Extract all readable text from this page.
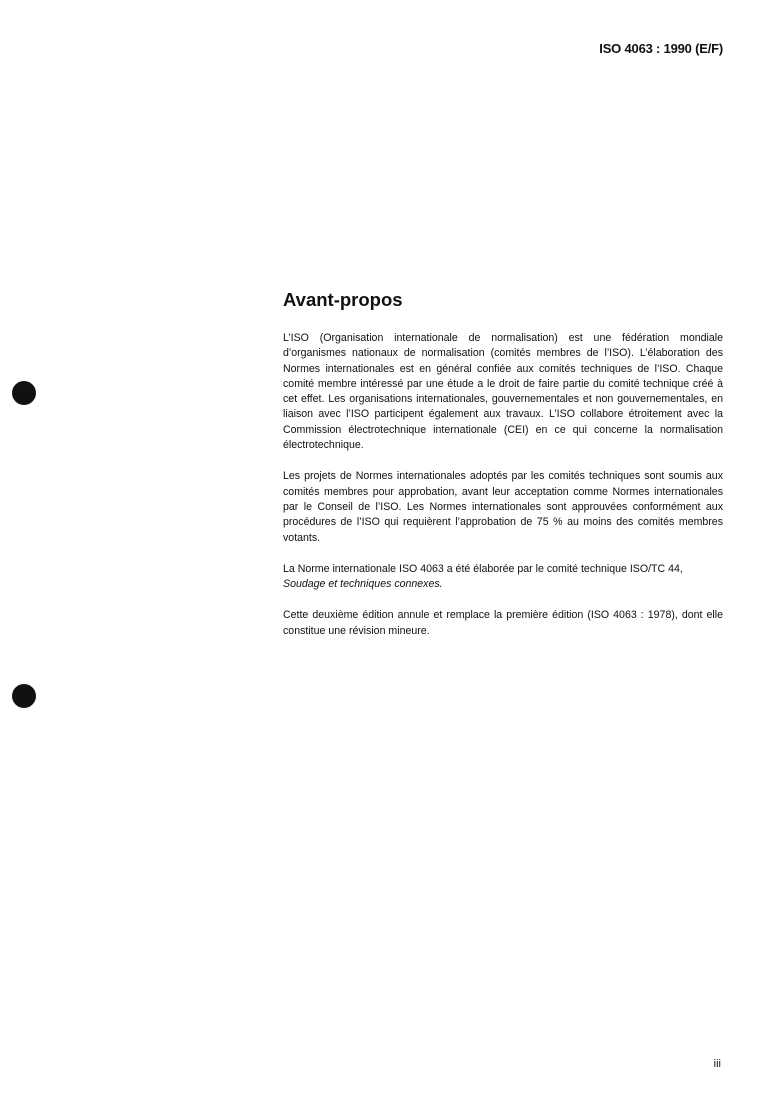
ISO 4063 : 1990 (E/F)
Avant-propos

L’ISO (Organisation internationale de normalisation) est une fédération mondiale d’organismes nationaux de normalisation (comités membres de l’ISO). L’élaboration des Normes internationales est en général confiée aux comités techniques de l’ISO. Chaque comité membre intéressé par une étude a le droit de faire partie du comité technique créé à cet effet. Les organisations internationales, gouvernementales et non gouvernementales, en liaison avec l’ISO participent également aux travaux. L’ISO collabore étroitement avec la Commission électrotechnique internationale (CEI) en ce qui concerne la normalisation électrotechnique.

Les projets de Normes internationales adoptés par les comités techniques sont soumis aux comités membres pour approbation, avant leur acceptation comme Normes internationales par le Conseil de l’ISO. Les Normes internationales sont approuvées conformément aux procédures de l’ISO qui requièrent l’approbation de 75 % au moins des comités membres votants.

La Norme internationale ISO 4063 a été élaborée par le comité technique ISO/TC 44,
Soudage et techniques connexes.

Cette deuxième édition annule et remplace la première édition (ISO 4063 : 1978), dont elle constitue une révision mineure.

iii
